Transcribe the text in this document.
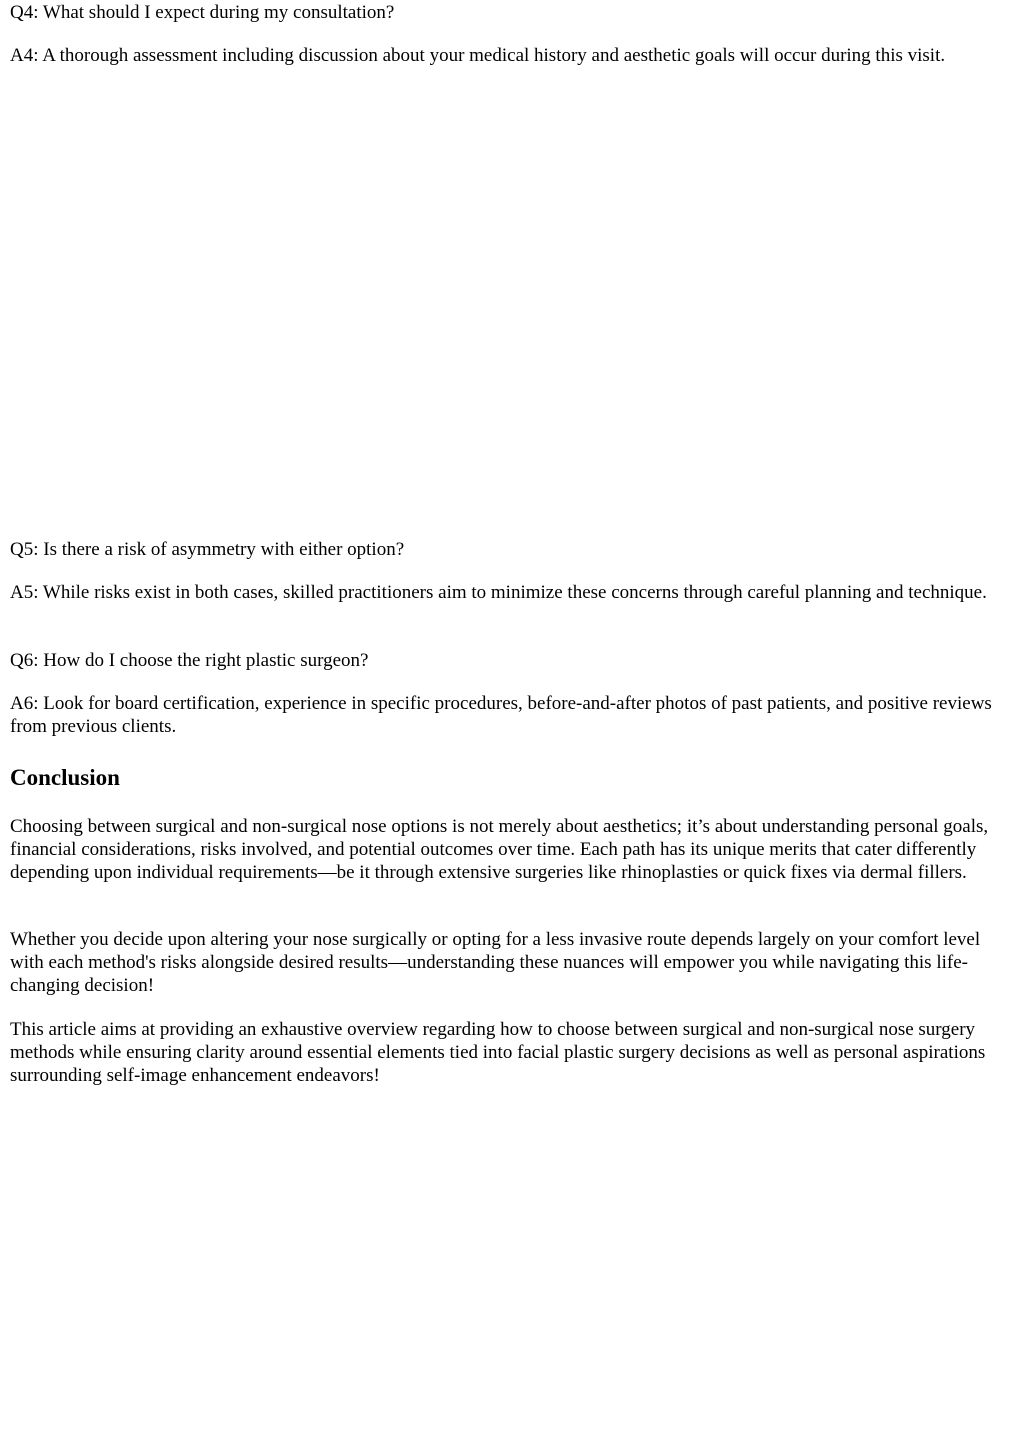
Q4: What should I expect during my consultation?

A4: A thorough assessment including discussion about your medical history and aesthetic goals will occur during this visit.

Q5: Is there a risk of asymmetry with either option?

A5: While risks exist in both cases, skilled practitioners aim to minimize these concerns through careful planning and technique.

Q6: How do I choose the right plastic surgeon?

A6: Look for board certification, experience in specific procedures, before-and-after photos of past patients, and positive reviews from previous clients.

Conclusion

Choosing between surgical and non-surgical nose options is not merely about aesthetics; it’s about understanding personal goals, financial considerations, risks involved, and potential outcomes over time. Each path has its unique merits that cater differently depending upon individual requirements—be it through extensive surgeries like rhinoplasties or quick fixes via dermal fillers.

Whether you decide upon altering your nose surgically or opting for a less invasive route depends largely on your comfort level with each method's risks alongside desired results—understanding these nuances will empower you while navigating this life-changing decision!

This article aims at providing an exhaustive overview regarding how to choose between surgical and non-surgical nose surgery methods while ensuring clarity around essential elements tied into facial plastic surgery decisions as well as personal aspirations surrounding self-image enhancement endeavors!
